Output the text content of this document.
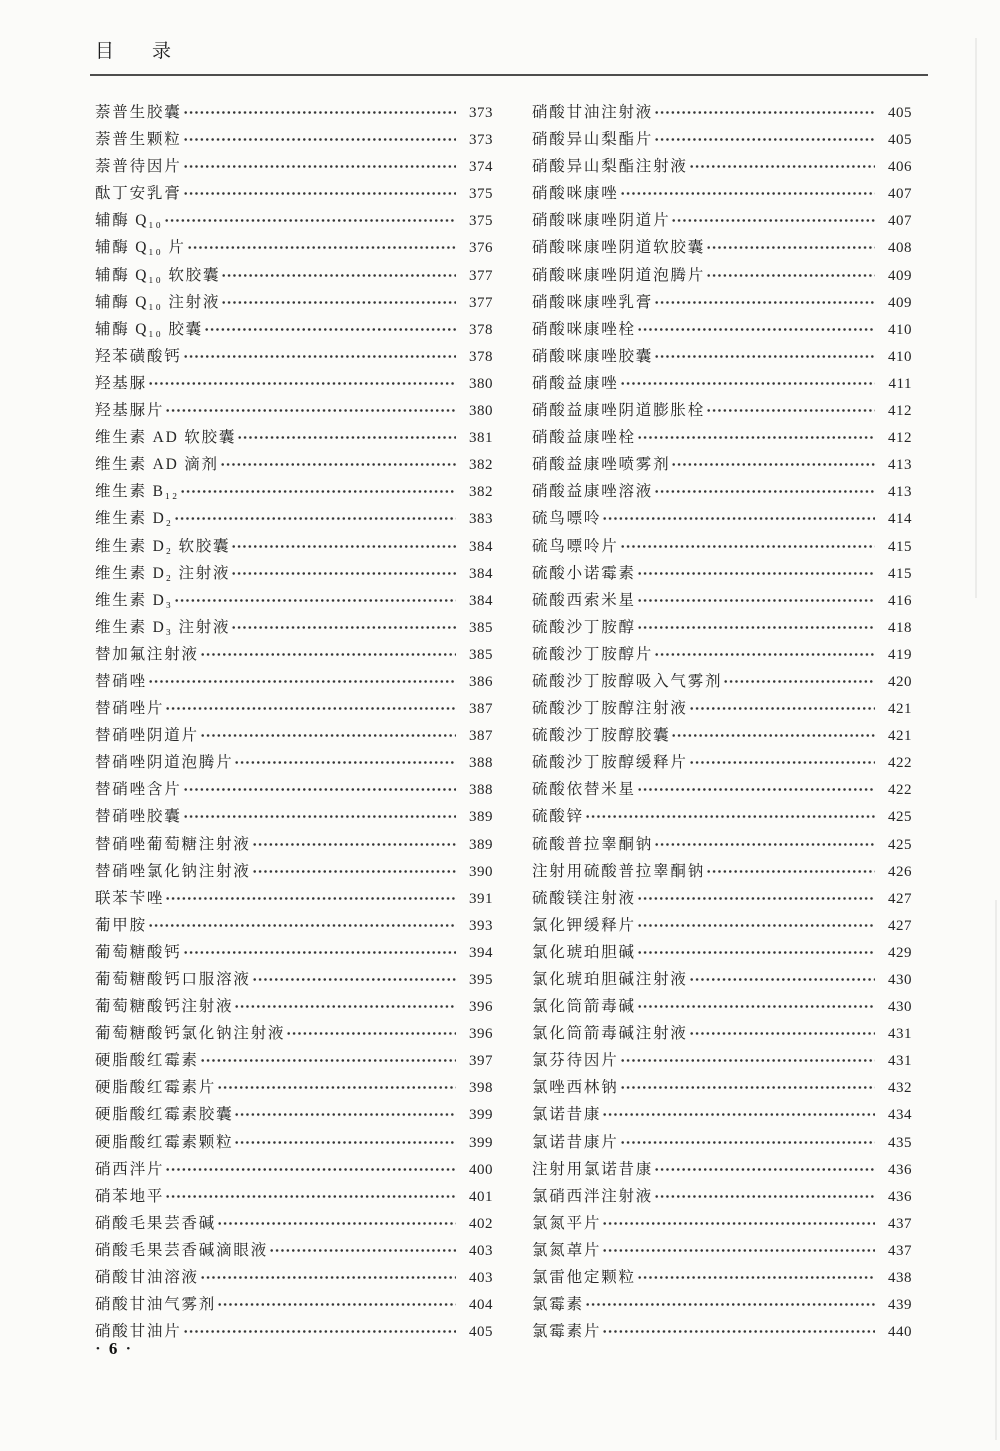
目　　录
萘普生胶囊	373
萘普生颗粒	373
萘普待因片	374
酞丁安乳膏	375
辅酶 Q₁₀	375
辅酶 Q₁₀ 片	376
辅酶 Q₁₀ 软胶囊	377
辅酶 Q₁₀ 注射液	377
辅酶 Q₁₀ 胶囊	378
羟苯磺酸钙	378
羟基脲	380
羟基脲片	380
维生素 AD 软胶囊	381
维生素 AD 滴剂	382
维生素 B₁₂	382
维生素 D₂	383
维生素 D₂ 软胶囊	384
维生素 D₂ 注射液	384
维生素 D₃	384
维生素 D₃ 注射液	385
替加氟注射液	385
替硝唑	386
替硝唑片	387
替硝唑阴道片	387
替硝唑阴道泡腾片	388
替硝唑含片	388
替硝唑胶囊	389
替硝唑葡萄糖注射液	389
替硝唑氯化钠注射液	390
联苯苄唑	391
葡甲胺	393
葡萄糖酸钙	394
葡萄糖酸钙口服溶液	395
葡萄糖酸钙注射液	396
葡萄糖酸钙氯化钠注射液	396
硬脂酸红霉素	397
硬脂酸红霉素片	398
硬脂酸红霉素胶囊	399
硬脂酸红霉素颗粒	399
硝西泮片	400
硝苯地平	401
硝酸毛果芸香碱	402
硝酸毛果芸香碱滴眼液	403
硝酸甘油溶液	403
硝酸甘油气雾剂	404
硝酸甘油片	405
硝酸甘油注射液	405
硝酸异山梨酯片	405
硝酸异山梨酯注射液	406
硝酸咪康唑	407
硝酸咪康唑阴道片	407
硝酸咪康唑阴道软胶囊	408
硝酸咪康唑阴道泡腾片	409
硝酸咪康唑乳膏	409
硝酸咪康唑栓	410
硝酸咪康唑胶囊	410
硝酸益康唑	411
硝酸益康唑阴道膨胀栓	412
硝酸益康唑栓	412
硝酸益康唑喷雾剂	413
硝酸益康唑溶液	413
硫鸟嘌呤	414
硫鸟嘌呤片	415
硫酸小诺霉素	415
硫酸西索米星	416
硫酸沙丁胺醇	418
硫酸沙丁胺醇片	419
硫酸沙丁胺醇吸入气雾剂	420
硫酸沙丁胺醇注射液	421
硫酸沙丁胺醇胶囊	421
硫酸沙丁胺醇缓释片	422
硫酸依替米星	422
硫酸锌	425
硫酸普拉睾酮钠	425
注射用硫酸普拉睾酮钠	426
硫酸镁注射液	427
氯化钾缓释片	427
氯化琥珀胆碱	429
氯化琥珀胆碱注射液	430
氯化筒箭毒碱	430
氯化筒箭毒碱注射液	431
氯芬待因片	431
氯唑西林钠	432
氯诺昔康	434
氯诺昔康片	435
注射用氯诺昔康	436
氯硝西泮注射液	436
氯氮平片	437
氯氮䓬片	437
氯雷他定颗粒	438
氯霉素	439
氯霉素片	440
• 6 •
